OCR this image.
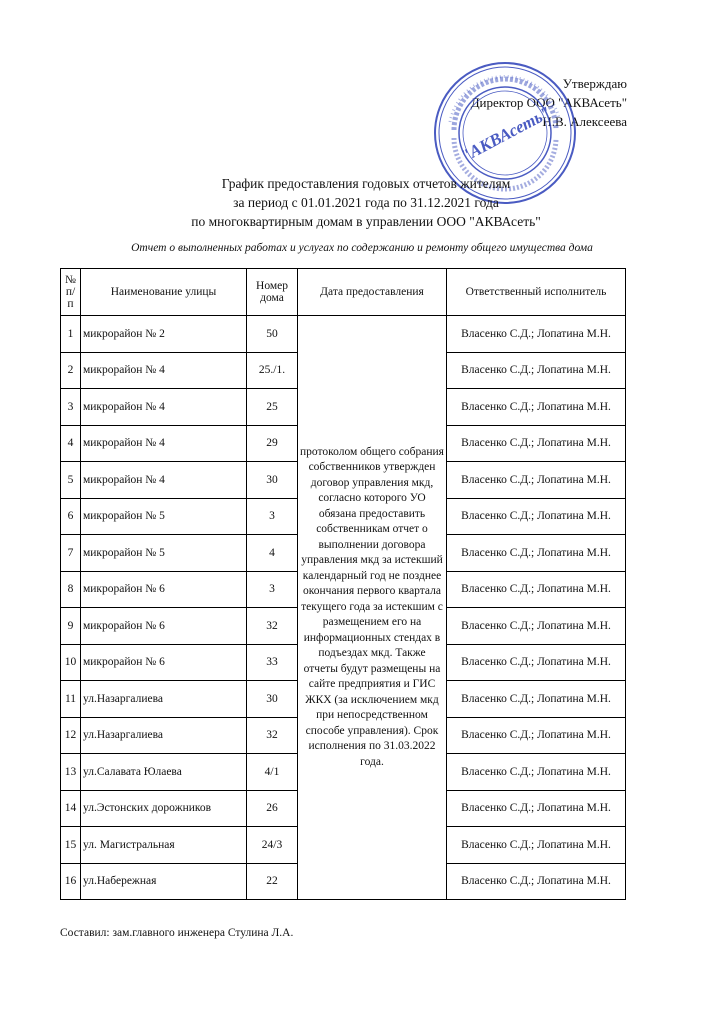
Утверждаю
Директор ООО "АКВАсеть"
Н.В. Алексеева
"АКВАсеть"
График предоставления годовых отчетов жителям
за период с 01.01.2021 года по 31.12.2021 года
по многоквартирным домам в управлении ООО "АКВАсеть"
Отчет о выполненных работах и услугах по содержанию и ремонту общего имущества дома
№ п/п	Наименование улицы	Номер дома	Дата предоставления	Ответственный исполнитель
1	микрорайон № 2	50	протоколом общего собрания собственников утвержден договор управления мкд, согласно которого УО обязана предоставить собственникам отчет о выполнении договора управления мкд за истекший календарный год не позднее окончания первого квартала текущего года за истекшим с размещением его на информационных стендах в подъездах мкд. Также отчеты будут размещены на сайте предприятия и ГИС ЖКХ (за исключением мкд при непосредственном способе управления). Срок исполнения по 31.03.2022 года.	Власенко С.Д.; Лопатина М.Н.
2	микрорайон № 4	25./1.		Власенко С.Д.; Лопатина М.Н.
3	микрорайон № 4	25		Власенко С.Д.; Лопатина М.Н.
4	микрорайон № 4	29		Власенко С.Д.; Лопатина М.Н.
5	микрорайон № 4	30		Власенко С.Д.; Лопатина М.Н.
6	микрорайон № 5	3		Власенко С.Д.; Лопатина М.Н.
7	микрорайон № 5	4		Власенко С.Д.; Лопатина М.Н.
8	микрорайон № 6	3		Власенко С.Д.; Лопатина М.Н.
9	микрорайон № 6	32		Власенко С.Д.; Лопатина М.Н.
10	микрорайон № 6	33		Власенко С.Д.; Лопатина М.Н.
11	ул.Назаргалиева	30		Власенко С.Д.; Лопатина М.Н.
12	ул.Назаргалиева	32		Власенко С.Д.; Лопатина М.Н.
13	ул.Салавата Юлаева	4/1		Власенко С.Д.; Лопатина М.Н.
14	ул.Эстонских дорожников	26		Власенко С.Д.; Лопатина М.Н.
15	ул. Магистральная	24/3		Власенко С.Д.; Лопатина М.Н.
16	ул.Набережная	22		Власенко С.Д.; Лопатина М.Н.
Составил: зам.главного инженера Стулина Л.А.
